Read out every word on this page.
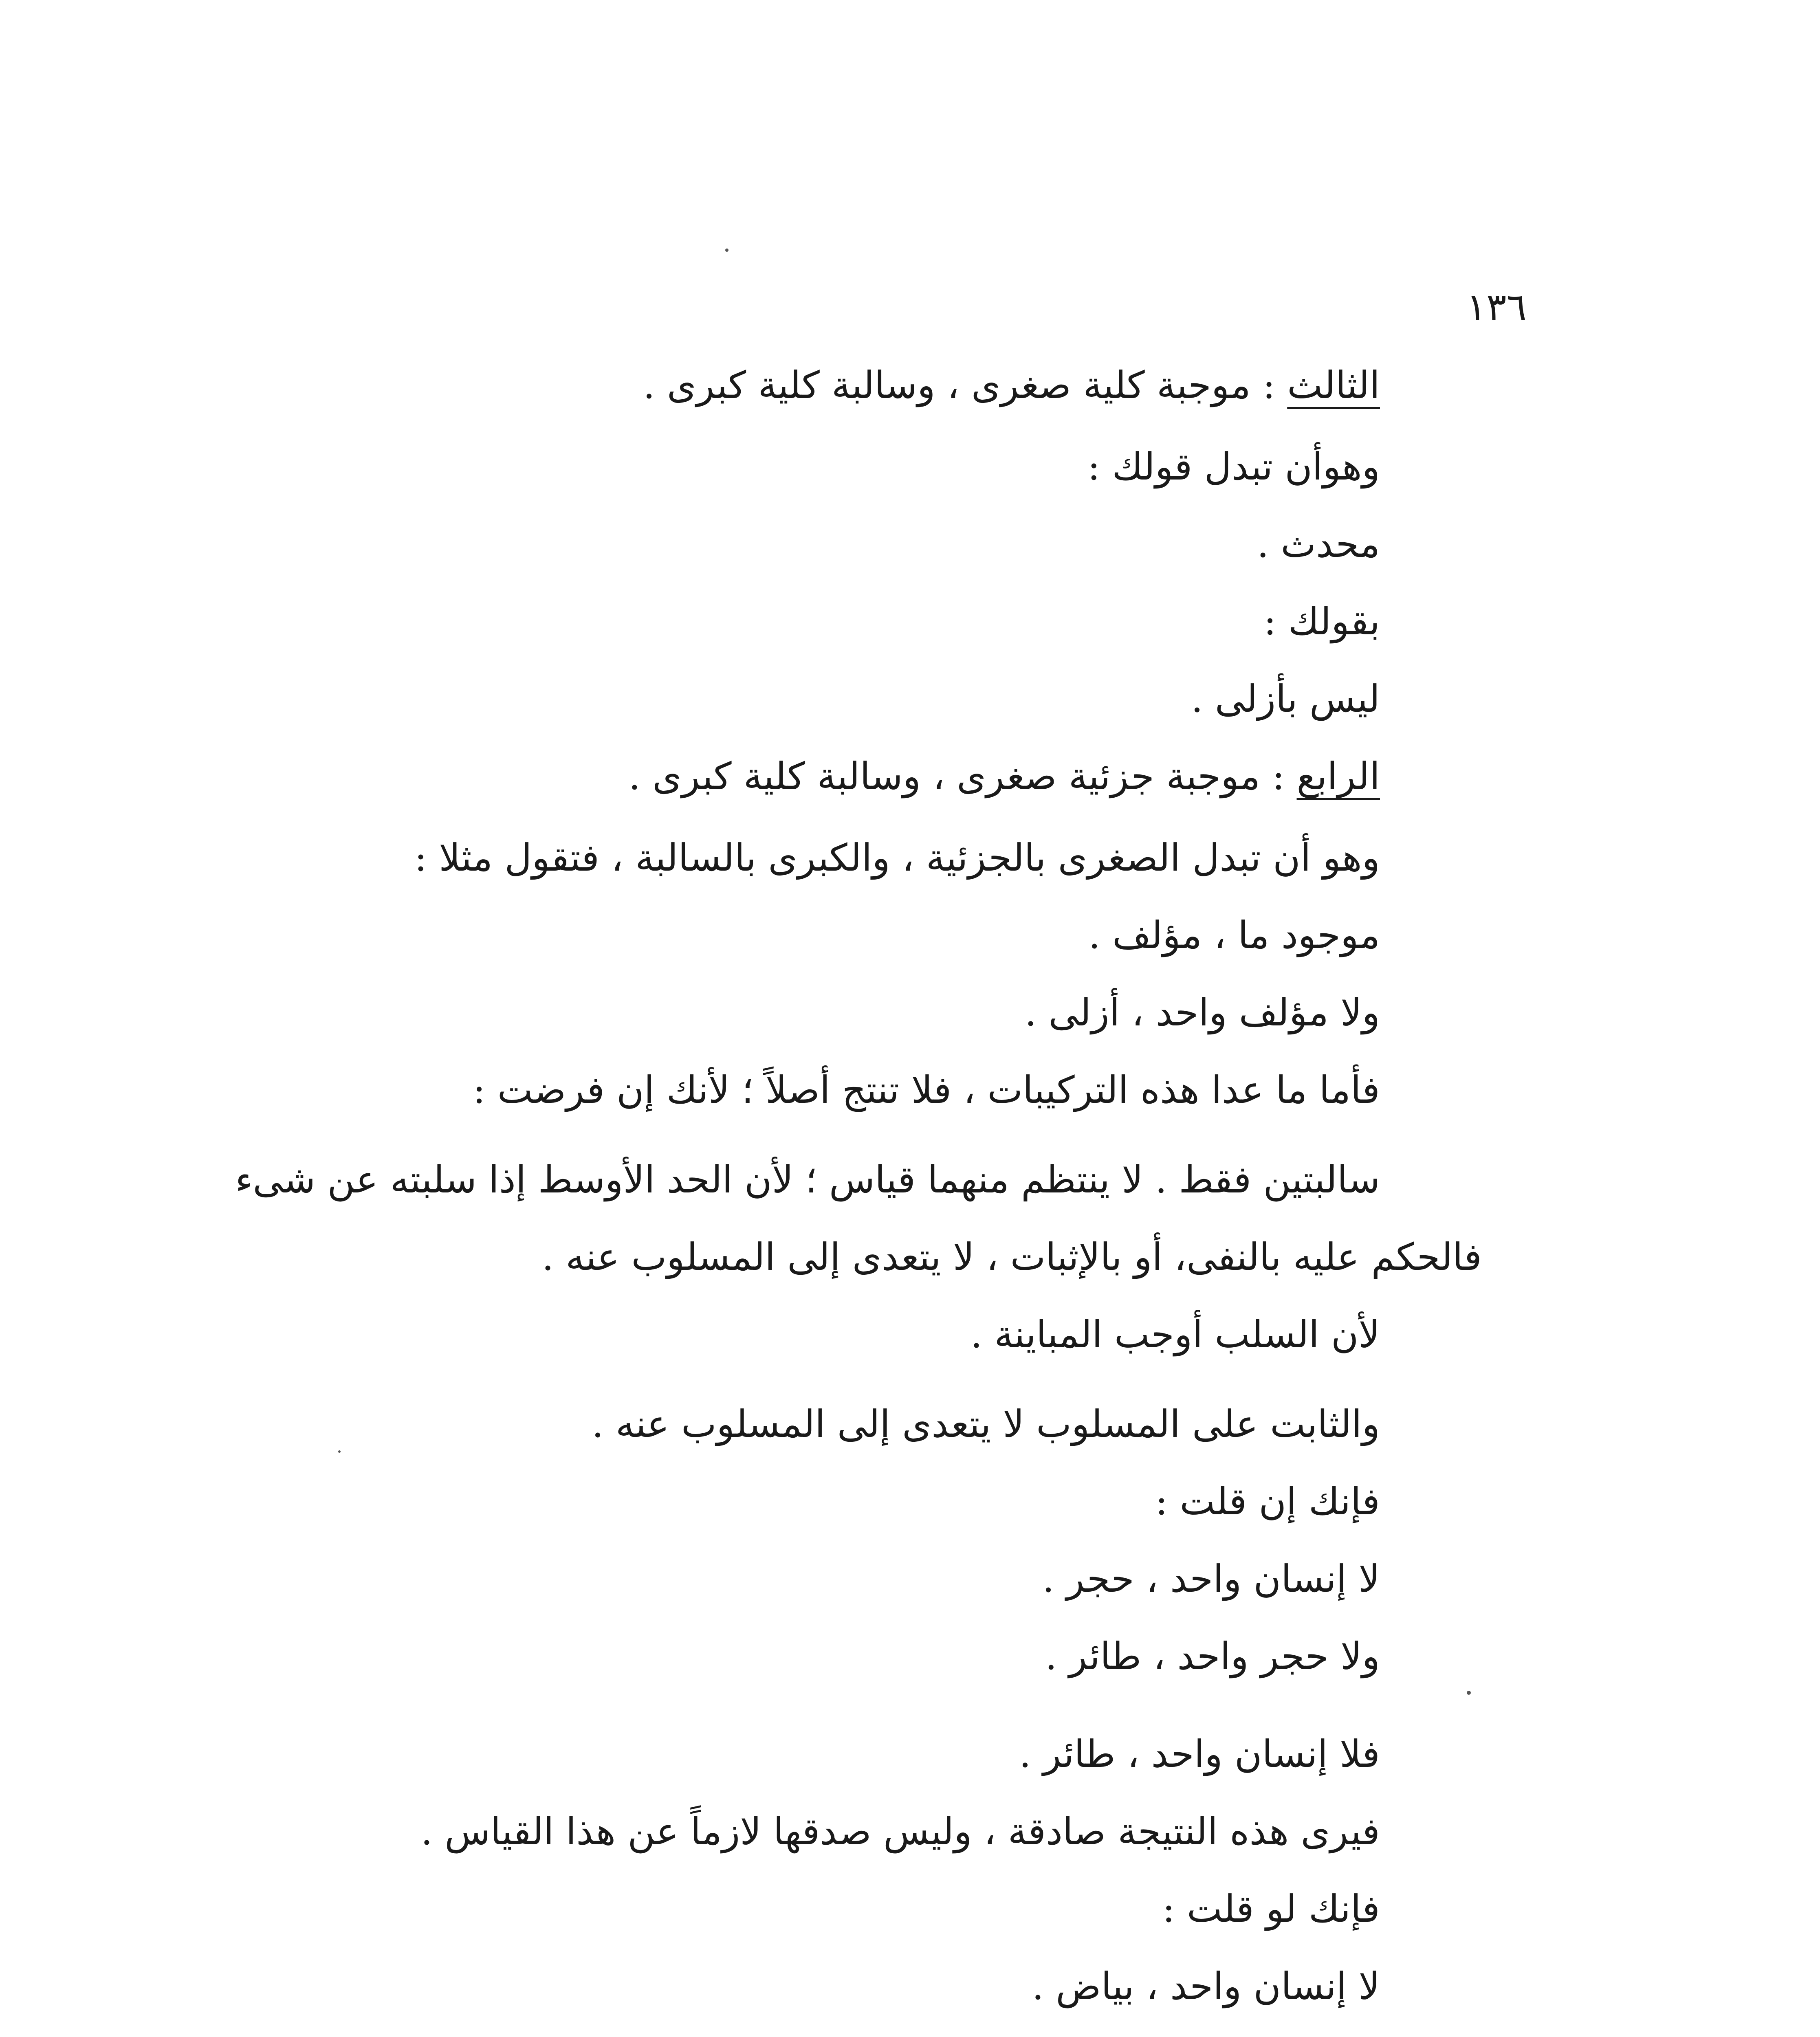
١٣٦
الثالث : موجبة كلية صغرى ، وسالبة كلية كبرى .
وهوأن تبدل قولك :
محدث .
بقولك :
ليس بأزلى .
الرابع : موجبة جزئية صغرى ، وسالبة كلية كبرى .
وهو أن تبدل الصغرى بالجزئية ، والكبرى بالسالبة ، فتقول مثلا :
موجود ما ، مؤلف .
ولا مؤلف واحد ، أزلى .
فأما ما عدا هذه التركيبات ، فلا تنتج أصلاً ؛ لأنك إن فرضت :
سالبتين فقط . لا ينتظم منهما قياس ؛ لأن الحد الأوسط إذا سلبته عن شىء
فالحكم عليه بالنفى، أو بالإثبات ، لا يتعدى إلى المسلوب عنه .
لأن السلب أوجب المباينة .
والثابت على المسلوب لا يتعدى إلى المسلوب عنه .
فإنك إن قلت :
لا إنسان واحد ، حجر .
ولا حجر واحد ، طائر .
فلا إنسان واحد ، طائر .
فيرى هذه النتيجة صادقة ، وليس صدقها لازماً عن هذا القياس .
فإنك لو قلت :
لا إنسان واحد ، بياض .
